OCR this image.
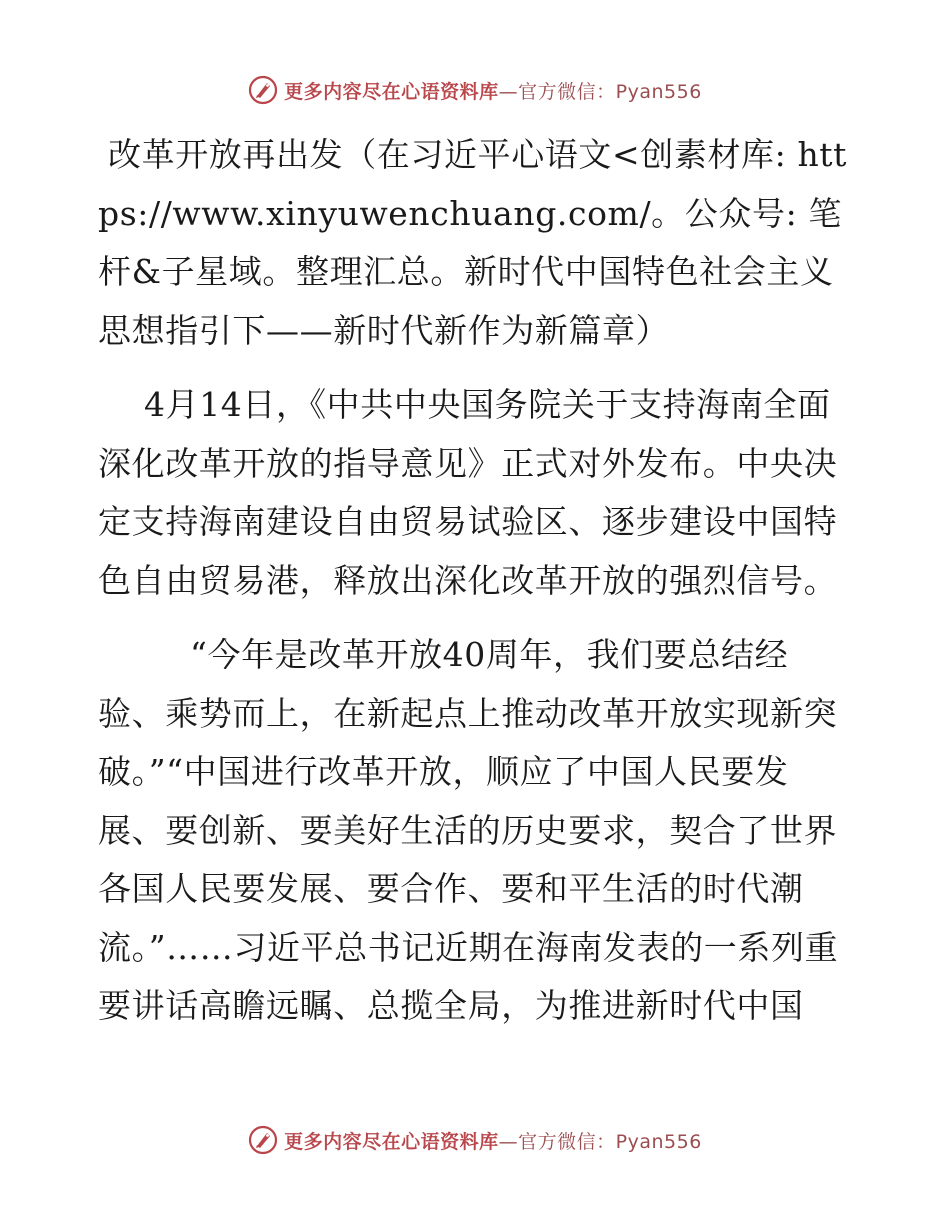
更多内容尽在心语资料库—官方微信：Pyan556

改革开放再出发（在习近平心语文<创素材库: https://www.xinyuwenchuang.com/。公众号: 笔杆&子星域。整理汇总。新时代中国特色社会主义思想指引下——新时代新作为新篇章）

4月14日，《中共中央国务院关于支持海南全面深化改革开放的指导意见》正式对外发布。中央决定支持海南建设自由贸易试验区、逐步建设中国特色自由贸易港，释放出深化改革开放的强烈信号。

“今年是改革开放40周年，我们要总结经验、乘势而上，在新起点上推动改革开放实现新突破。”“中国进行改革开放，顺应了中国人民要发展、要创新、要美好生活的历史要求，契合了世界各国人民要发展、要合作、要和平生活的时代潮流。”……习近平总书记近期在海南发表的一系列重要讲话高瞻远瞩、总揽全局，为推进新时代中国

更多内容尽在心语资料库—官方微信：Pyan556
